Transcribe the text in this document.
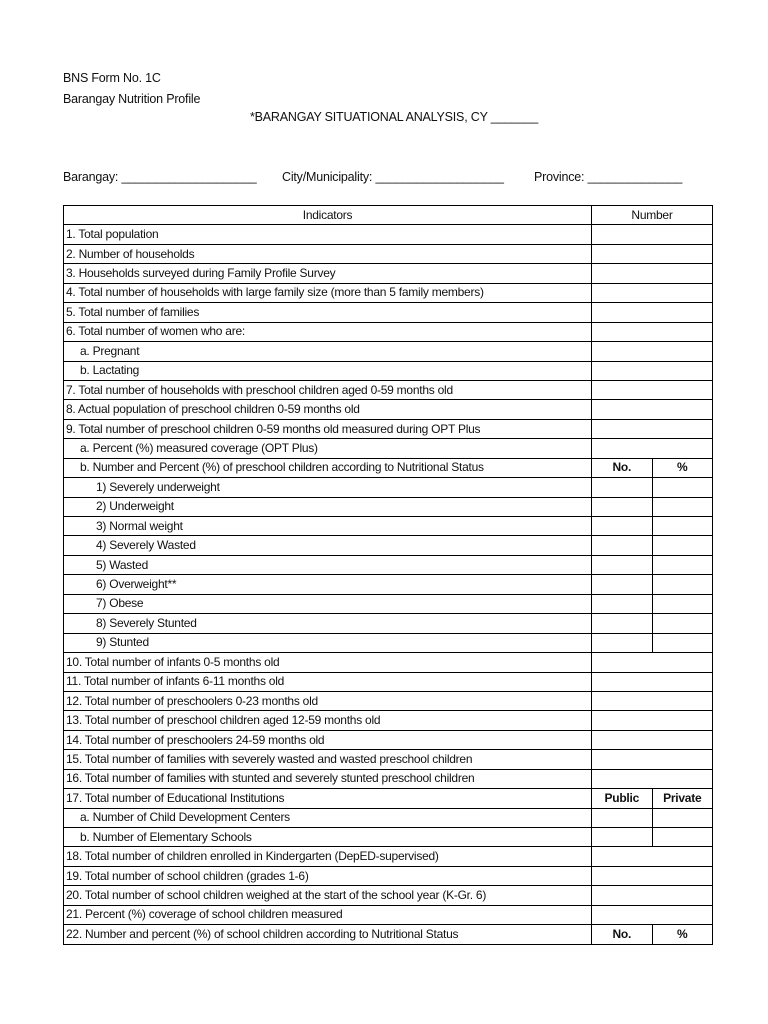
BNS Form No. 1C
Barangay Nutrition Profile
*BARANGAY SITUATIONAL ANALYSIS, CY _______
Barangay: ____________________ City/Municipality: ___________________ Province: ______________
Indicators	Number	
1. Total population		
2. Number of households		
3. Households surveyed during Family Profile Survey		
4. Total number of households with large family size (more than 5 family members)		
5. Total number of families		
6. Total number of women who are:		
a. Pregnant		
b. Lactating		
7. Total number of households with preschool children aged 0-59 months old		
8. Actual population of preschool children 0-59 months old		
9. Total number of preschool children 0-59 months old measured during OPT Plus		
a. Percent (%) measured coverage (OPT Plus)		
b. Number and Percent (%) of preschool children according to Nutritional Status	No.	%
1) Severely underweight		
2) Underweight		
3) Normal weight		
4) Severely Wasted		
5) Wasted		
6) Overweight**		
7) Obese		
8) Severely Stunted		
9) Stunted		
10. Total number of infants 0-5 months old		
11. Total number of infants 6-11 months old		
12. Total number of preschoolers 0-23 months old		
13. Total number of preschool children aged 12-59 months old		
14. Total number of preschoolers 24-59 months old		
15. Total number of families with severely wasted and wasted preschool children		
16. Total number of families with stunted and severely stunted preschool children		
17. Total number of Educational Institutions	Public	Private
a. Number of Child Development Centers		
b. Number of Elementary Schools		
18. Total number of children enrolled in Kindergarten (DepED-supervised)		
19. Total number of school children (grades 1-6)		
20. Total number of school children weighed at the start of the school year (K-Gr. 6)		
21. Percent (%) coverage of school children measured		
22. Number and percent (%) of school children according to Nutritional Status	No.	%
